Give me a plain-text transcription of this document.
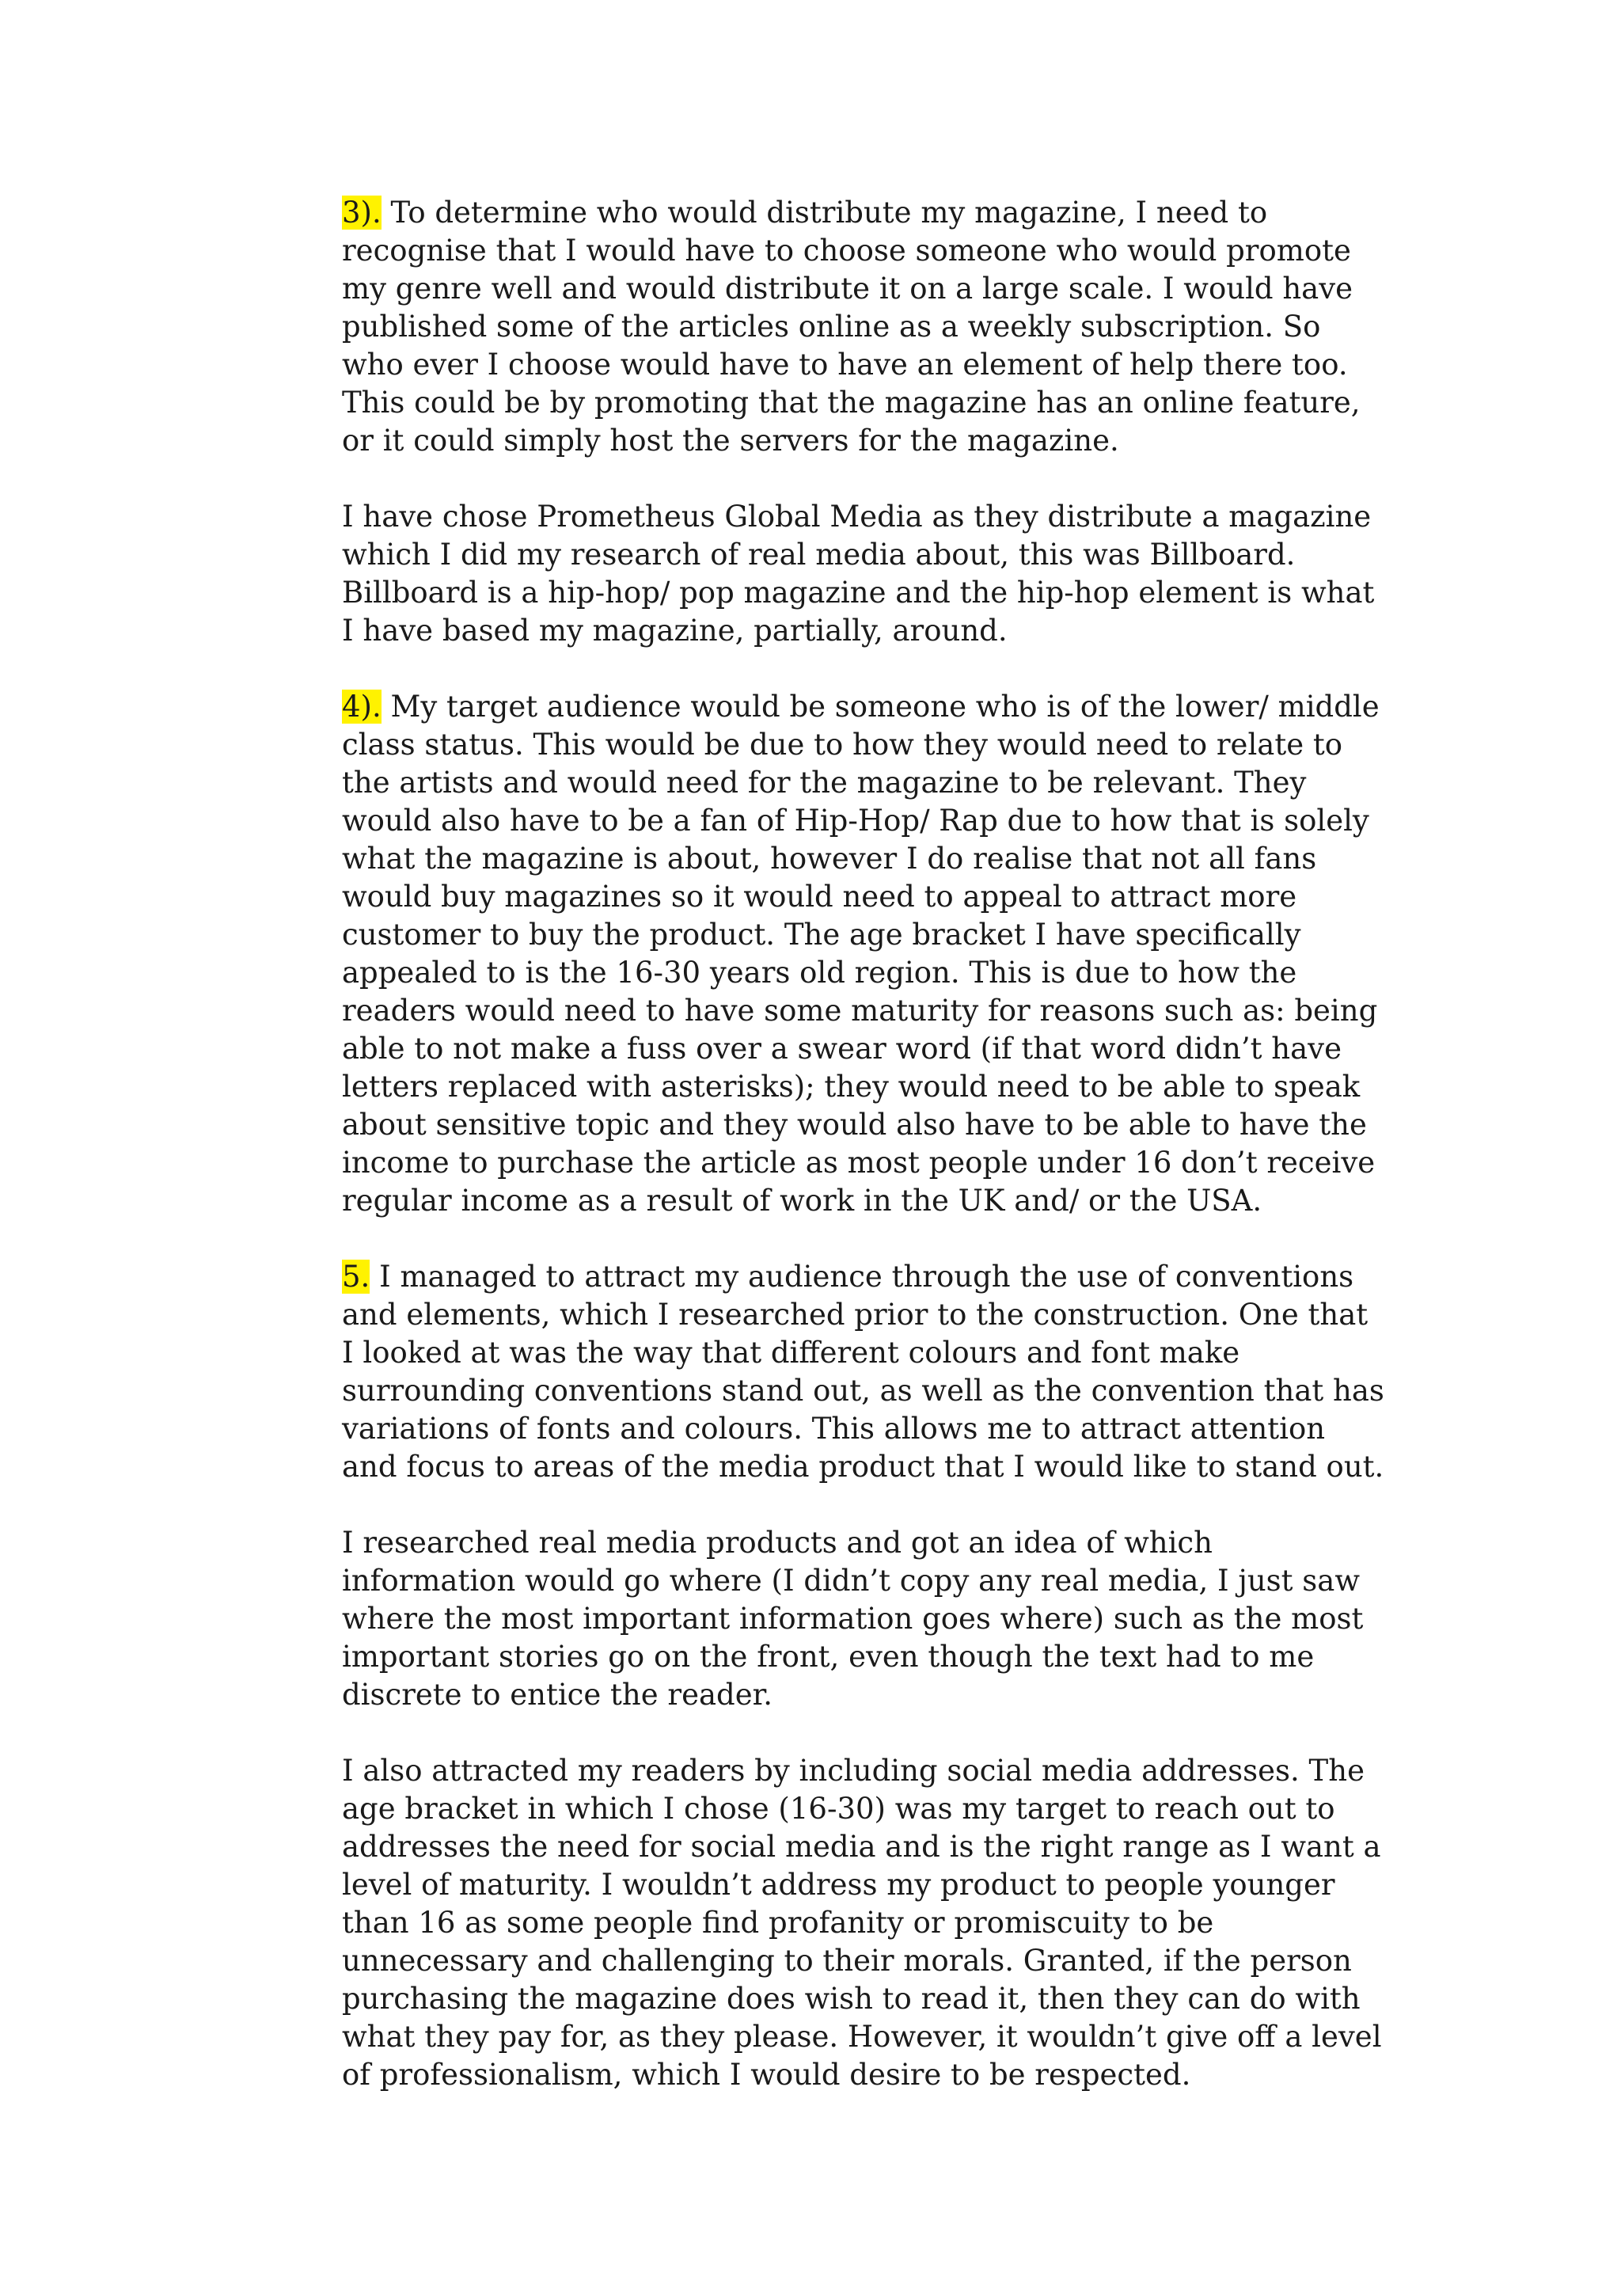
3). To determine who would distribute my magazine, I need to recognise that I would have to choose someone who would promote my genre well and would distribute it on a large scale. I would have published some of the articles online as a weekly subscription. So who ever I choose would have to have an element of help there too. This could be by promoting that the magazine has an online feature, or it could simply host the servers for the magazine.

I have chose Prometheus Global Media as they distribute a magazine which I did my research of real media about, this was Billboard. Billboard is a hip-hop/ pop magazine and the hip-hop element is what I have based my magazine, partially, around.

4). My target audience would be someone who is of the lower/ middle class status. This would be due to how they would need to relate to the artists and would need for the magazine to be relevant. They would also have to be a fan of Hip-Hop/ Rap due to how that is solely what the magazine is about, however I do realise that not all fans would buy magazines so it would need to appeal to attract more customer to buy the product. The age bracket I have specifically appealed to is the 16-30 years old region. This is due to how the readers would need to have some maturity for reasons such as: being able to not make a fuss over a swear word (if that word didn’t have letters replaced with asterisks); they would need to be able to speak about sensitive topic and they would also have to be able to have the income to purchase the article as most people under 16 don’t receive regular income as a result of work in the UK and/ or the USA.

5. I managed to attract my audience through the use of conventions and elements, which I researched prior to the construction. One that I looked at was the way that different colours and font make surrounding conventions stand out, as well as the convention that has variations of fonts and colours. This allows me to attract attention and focus to areas of the media product that I would like to stand out.

I researched real media products and got an idea of which information would go where (I didn’t copy any real media, I just saw where the most important information goes where) such as the most important stories go on the front, even though the text had to me discrete to entice the reader.

I also attracted my readers by including social media addresses. The age bracket in which I chose (16-30) was my target to reach out to addresses the need for social media and is the right range as I want a level of maturity. I wouldn’t address my product to people younger than 16 as some people find profanity or promiscuity to be unnecessary and challenging to their morals. Granted, if the person purchasing the magazine does wish to read it, then they can do with what they pay for, as they please. However, it wouldn’t give off a level of professionalism, which I would desire to be respected.
